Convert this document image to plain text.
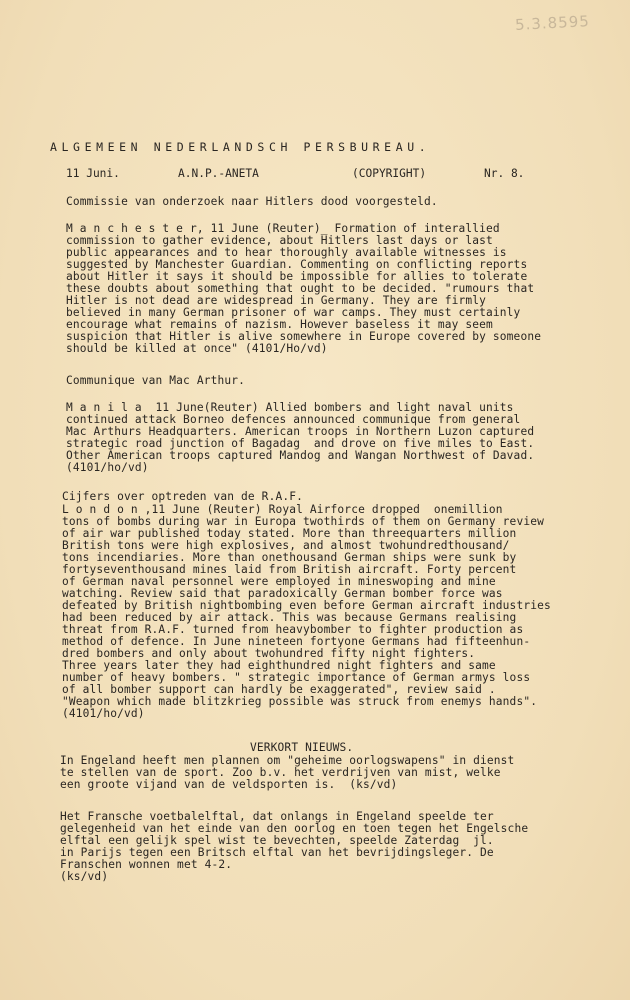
5.3.8595
ALGEMEEN NEDERLANDSCH PERSBUREAU.
11 Juni.	A.N.P.-ANETA	(COPYRIGHT)	Nr. 8.
Commissie van onderzoek naar Hitlers dood voorgesteld.
M a n c h e s t e r, 11 June (Reuter)_ Formation of interallied
commission to gather evidence, about Hitlers last days or last
public appearances and to hear thoroughly available witnesses is
suggested by Manchester Guardian. Commenting on conflicting reports
about Hitler it says it should be impossible for allies to tolerate
these doubts about something that ought to be decided. "rumours that
Hitler is not dead are widespread in Germany. They are firmly
believed in many German prisoner of war camps. They must certainly
encourage what remains of nazism. However baseless it may seem
suspicion that Hitler is alive somewhere in Europe covered by someone
should be killed at once" (4101/Ho/vd)
Communique van Mac Arthur.
M a n i l a  11 June(Reuter) Allied bombers and light naval units
continued attack Borneo defences announced communique from general
Mac Arthurs Headquarters. American troops in Northern Luzon captured
strategic road junction of Bagadag  and drove on five miles to East.
Other American troops captured Mandog and Wangan Northwest of Davad.
(4101/ho/vd)
Cijfers over optreden van de R.A.F.
L o n d o n ,11 June (Reuter) Royal Airforce dropped  onemillion
tons of bombs during war in Europa twothirds of them on Germany review
of air war published today stated. More than threequarters million
British tons were high explosives, and almost twohundredthousand/
tons incendiaries. More than onethousand German ships were sunk by
fortyseventhousand mines laid from British aircraft. Forty percent
of German naval personnel were employed in mineswoping and mine
watching. Review said that paradoxically German bomber force was
defeated by British nightbombing even before German aircraft industries
had been reduced by air attack. This was because Germans realising
threat from R.A.F. turned from heavybomber to fighter production as
method of defence. In June nineteen fortyone Germans had fifteenhun-
dred bombers and only about twohundred fifty night fighters.
Three years later they had eighthundred night fighters and same
number of heavy bombers. " strategic importance of German armys loss
of all bomber support can hardly be exaggerated", review said .
"Weapon which made blitzkrieg possible was struck from enemys hands".
(4101/ho/vd)
VERKORT NIEUWS.
In Engeland heeft men plannen om "geheime oorlogswapens" in dienst
te stellen van de sport. Zoo b.v. het verdrijven van mist, welke
een groote vijand van de veldsporten is.  (ks/vd)
Het Fransche voetbalelftal, dat onlangs in Engeland speelde ter
gelegenheid van het einde van den oorlog en toen tegen het Engelsche
elftal een gelijk spel wist te bevechten, speelde Zaterdag  jl.
in Parijs tegen een Britsch elftal van het bevrijdingsleger. De
Franschen wonnen met 4-2.
(ks/vd)
